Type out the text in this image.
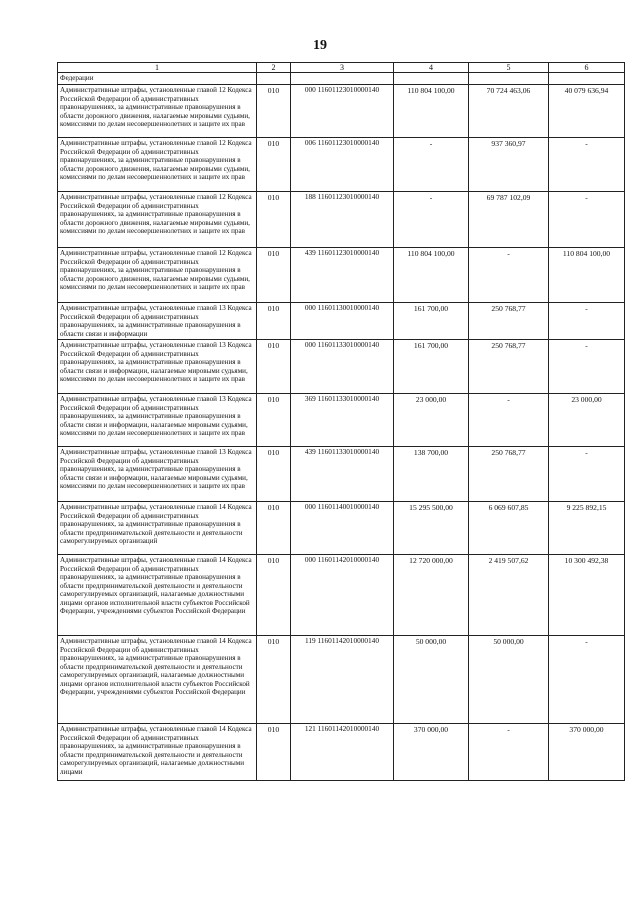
19
1	2	3	4	5	6
Федерации					
Административные штрафы, установленные главой 12 Кодекса Российской Федерации об административных правонарушениях, за административные правонарушения в области дорожного движения, налагаемые мировыми судьями, комиссиями по делам несовершеннолетних и защите их прав	010	000 11601123010000140	110 804 100,00	70 724 463,06	40 079 636,94
Административные штрафы, установленные главой 12 Кодекса Российской Федерации об административных правонарушениях, за административные правонарушения в области дорожного движения, налагаемые мировыми судьями, комиссиями по делам несовершеннолетних и защите их прав	010	006 11601123010000140	-	937 360,97	-
Административные штрафы, установленные главой 12 Кодекса Российской Федерации об административных правонарушениях, за административные правонарушения в области дорожного движения, налагаемые мировыми судьями, комиссиями по делам несовершеннолетних и защите их прав	010	188 11601123010000140	-	69 787 102,09	-
Административные штрафы, установленные главой 12 Кодекса Российской Федерации об административных правонарушениях, за административные правонарушения в области дорожного движения, налагаемые мировыми судьями, комиссиями по делам несовершеннолетних и защите их прав	010	439 11601123010000140	110 804 100,00	-	110 804 100,00
Административные штрафы, установленные главой 13 Кодекса Российской Федерации об административных правонарушениях, за административные правонарушения в области связи и информации	010	000 11601130010000140	161 700,00	250 768,77	-
Административные штрафы, установленные главой 13 Кодекса Российской Федерации об административных правонарушениях, за административные правонарушения в области связи и информации, налагаемые мировыми судьями, комиссиями по делам несовершеннолетних и защите их прав	010	000 11601133010000140	161 700,00	250 768,77	-
Административные штрафы, установленные главой 13 Кодекса Российской Федерации об административных правонарушениях, за административные правонарушения в области связи и информации, налагаемые мировыми судьями, комиссиями по делам несовершеннолетних и защите их прав	010	369 11601133010000140	23 000,00	-	23 000,00
Административные штрафы, установленные главой 13 Кодекса Российской Федерации об административных правонарушениях, за административные правонарушения в области связи и информации, налагаемые мировыми судьями, комиссиями по делам несовершеннолетних и защите их прав	010	439 11601133010000140	138 700,00	250 768,77	-
Административные штрафы, установленные главой 14 Кодекса Российской Федерации об административных правонарушениях, за административные правонарушения в области предпринимательской деятельности и деятельности саморегулируемых организаций	010	000 11601140010000140	15 295 500,00	6 069 607,85	9 225 892,15
Административные штрафы, установленные главой 14 Кодекса Российской Федерации об административных правонарушениях, за административные правонарушения в области предпринимательской деятельности и деятельности саморегулируемых организаций, налагаемые должностными лицами органов исполнительной власти субъектов Российской Федерации, учреждениями субъектов Российской Федерации	010	000 11601142010000140	12 720 000,00	2 419 507,62	10 300 492,38
Административные штрафы, установленные главой 14 Кодекса Российской Федерации об административных правонарушениях, за административные правонарушения в области предпринимательской деятельности и деятельности саморегулируемых организаций, налагаемые должностными лицами органов исполнительной власти субъектов Российской Федерации, учреждениями субъектов Российской Федерации	010	119 11601142010000140	50 000,00	50 000,00	-
Административные штрафы, установленные главой 14 Кодекса Российской Федерации об административных правонарушениях, за административные правонарушения в области предпринимательской деятельности и деятельности саморегулируемых организаций, налагаемые должностными лицами	010	121 11601142010000140	370 000,00	-	370 000,00
